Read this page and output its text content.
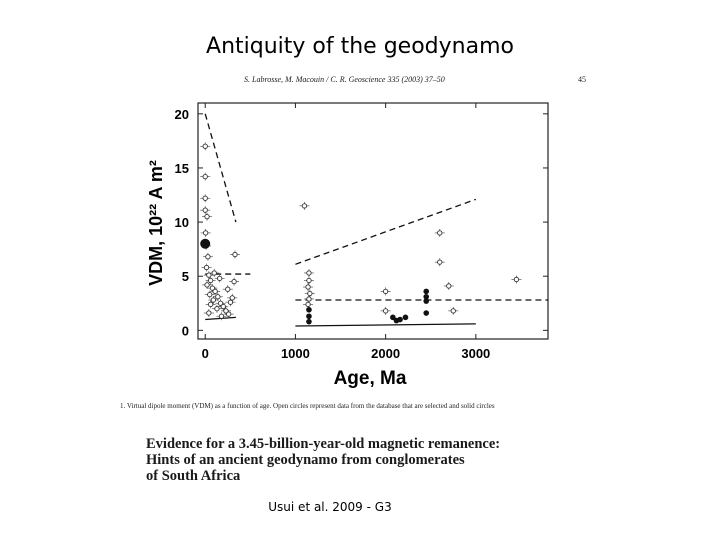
Antiquity of the geodynamo
S. Labrosse, M. Macouin / C. R. Geoscience 335 (2003) 37–50	45
0	1000	2000	3000
0
5
10
15
20
Age, Ma
VDM, 10²² A m²
1. Virtual dipole moment (VDM) as a function of age. Open circles represent data from the database that are selected and solid circles
Evidence for a 3.45-billion-year-old magnetic remanence:
Hints of an ancient geodynamo from conglomerates
of South Africa
Usui et al. 2009 - G3
